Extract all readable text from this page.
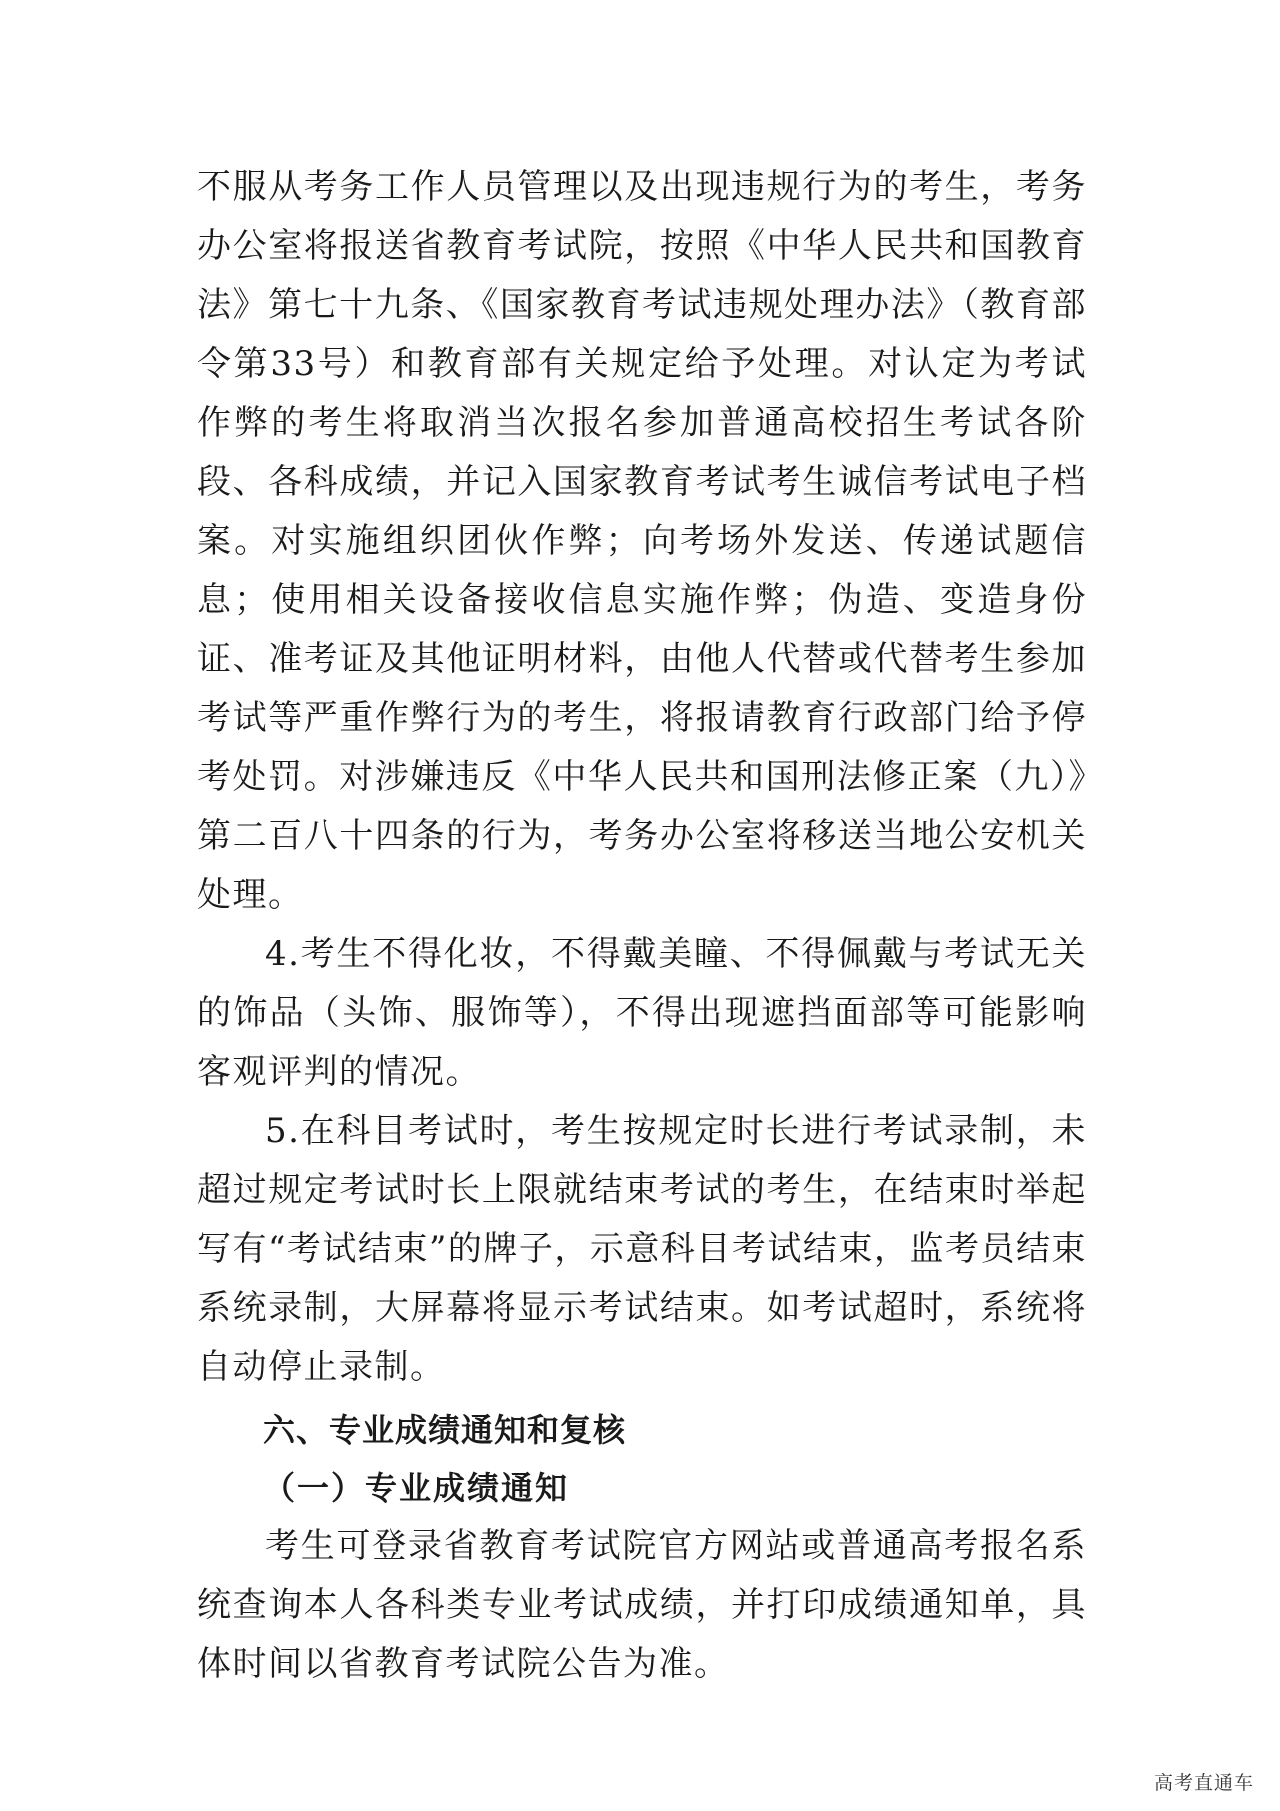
不服从考务工作人员管理以及出现违规行为的考生，考务办公室将报送省教育考试院，按照《中华人民共和国教育法》第七十九条、《国家教育考试违规处理办法》（教育部令第33号）和教育部有关规定给予处理。对认定为考试作弊的考生将取消当次报名参加普通高校招生考试各阶段、各科成绩，并记入国家教育考试考生诚信考试电子档案。对实施组织团伙作弊；向考场外发送、传递试题信息；使用相关设备接收信息实施作弊；伪造、变造身份证、准考证及其他证明材料，由他人代替或代替考生参加考试等严重作弊行为的考生，将报请教育行政部门给予停考处罚。对涉嫌违反《中华人民共和国刑法修正案（九）》第二百八十四条的行为，考务办公室将移送当地公安机关处理。

4.考生不得化妆，不得戴美瞳、不得佩戴与考试无关的饰品（头饰、服饰等），不得出现遮挡面部等可能影响客观评判的情况。

5.在科目考试时，考生按规定时长进行考试录制，未超过规定考试时长上限就结束考试的考生，在结束时举起写有“考试结束”的牌子，示意科目考试结束，监考员结束系统录制，大屏幕将显示考试结束。如考试超时，系统将自动停止录制。

六、专业成绩通知和复核

（一）专业成绩通知

考生可登录省教育考试院官方网站或普通高考报名系统查询本人各科类专业考试成绩，并打印成绩通知单，具体时间以省教育考试院公告为准。

高考直通车
